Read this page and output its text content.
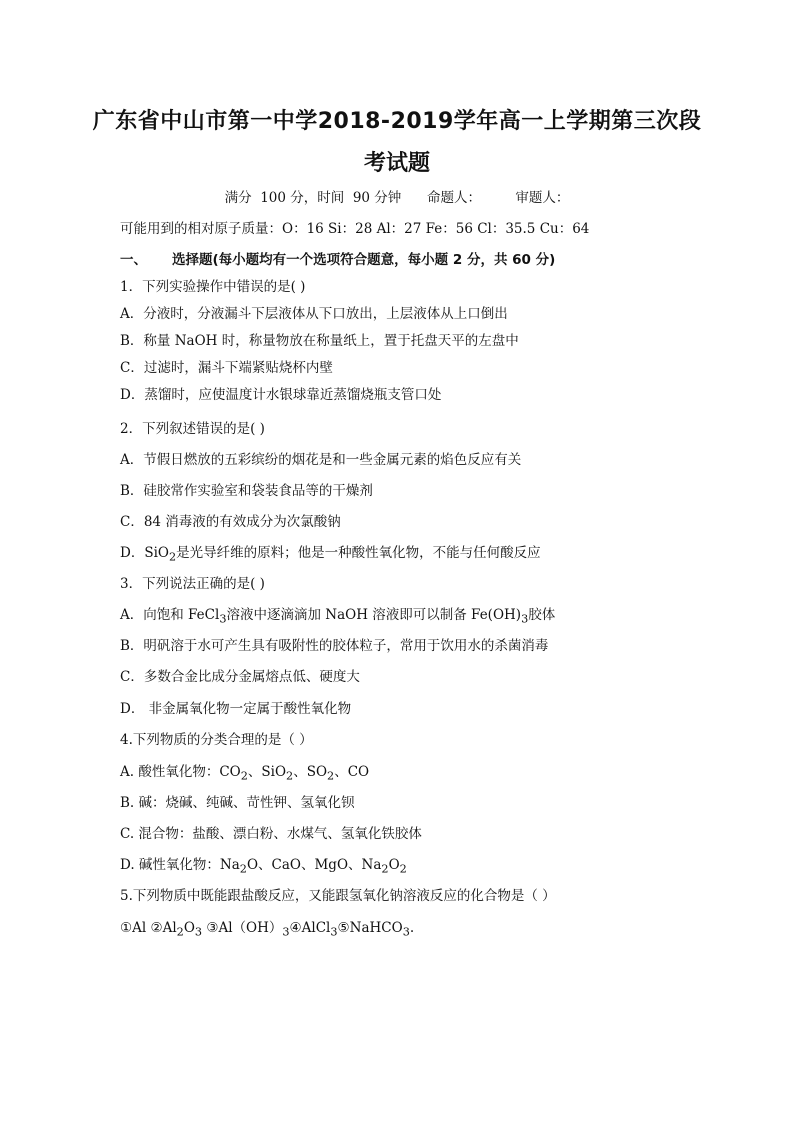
广东省中山市第一中学2018-2019学年高一上学期第三次段
考试题
满分  100 分，时间  90 分钟      命题人：        审题人：
可能用到的相对原子质量：O：16 Si：28 Al：27 Fe：56 Cl：35.5 Cu：64
一、 选择题(每小题均有一个选项符合题意，每小题 2 分，共 60 分)
1．下列实验操作中错误的是( )
A．分液时，分液漏斗下层液体从下口放出，上层液体从上口倒出
B．称量 NaOH 时，称量物放在称量纸上，置于托盘天平的左盘中
C．过滤时，漏斗下端紧贴烧杯内壁
D．蒸馏时，应使温度计水银球靠近蒸馏烧瓶支管口处
2．下列叙述错误的是( )
A．节假日燃放的五彩缤纷的烟花是和一些金属元素的焰色反应有关
B．硅胶常作实验室和袋装食品等的干燥剂
C．84 消毒液的有效成分为次氯酸钠
D．SiO$_2$是光导纤维的原料；他是一种酸性氧化物，不能与任何酸反应
3．下列说法正确的是( )
A．向饱和 FeCl$_3$溶液中逐滴滴加 NaOH 溶液即可以制备 $Fe(OH)_3$胶体
B．明矾溶于水可产生具有吸附性的胶体粒子，常用于饮用水的杀菌消毒
C．多数合金比成分金属熔点低、硬度大
D． 非金属氧化物一定属于酸性氧化物
4.下列物质的分类合理的是（ ）
A. 酸性氧化物：$CO_2$、SiO$_2$、$SO_2$、CO
B. 碱：烧碱、纯碱、苛性钾、氢氧化钡
C. 混合物：盐酸、漂白粉、水煤气、氢氧化铁胶体
D. 碱性氧化物：$Na_2O$、CaO、MgO、$Na_2O_2$
5.下列物质中既能跟盐酸反应，又能跟氢氧化钠溶液反应的化合物是（ ）
①Al $②Al_2O_3$ $③Al(OH)_3④AlCl_3⑤NaHCO_3$.
